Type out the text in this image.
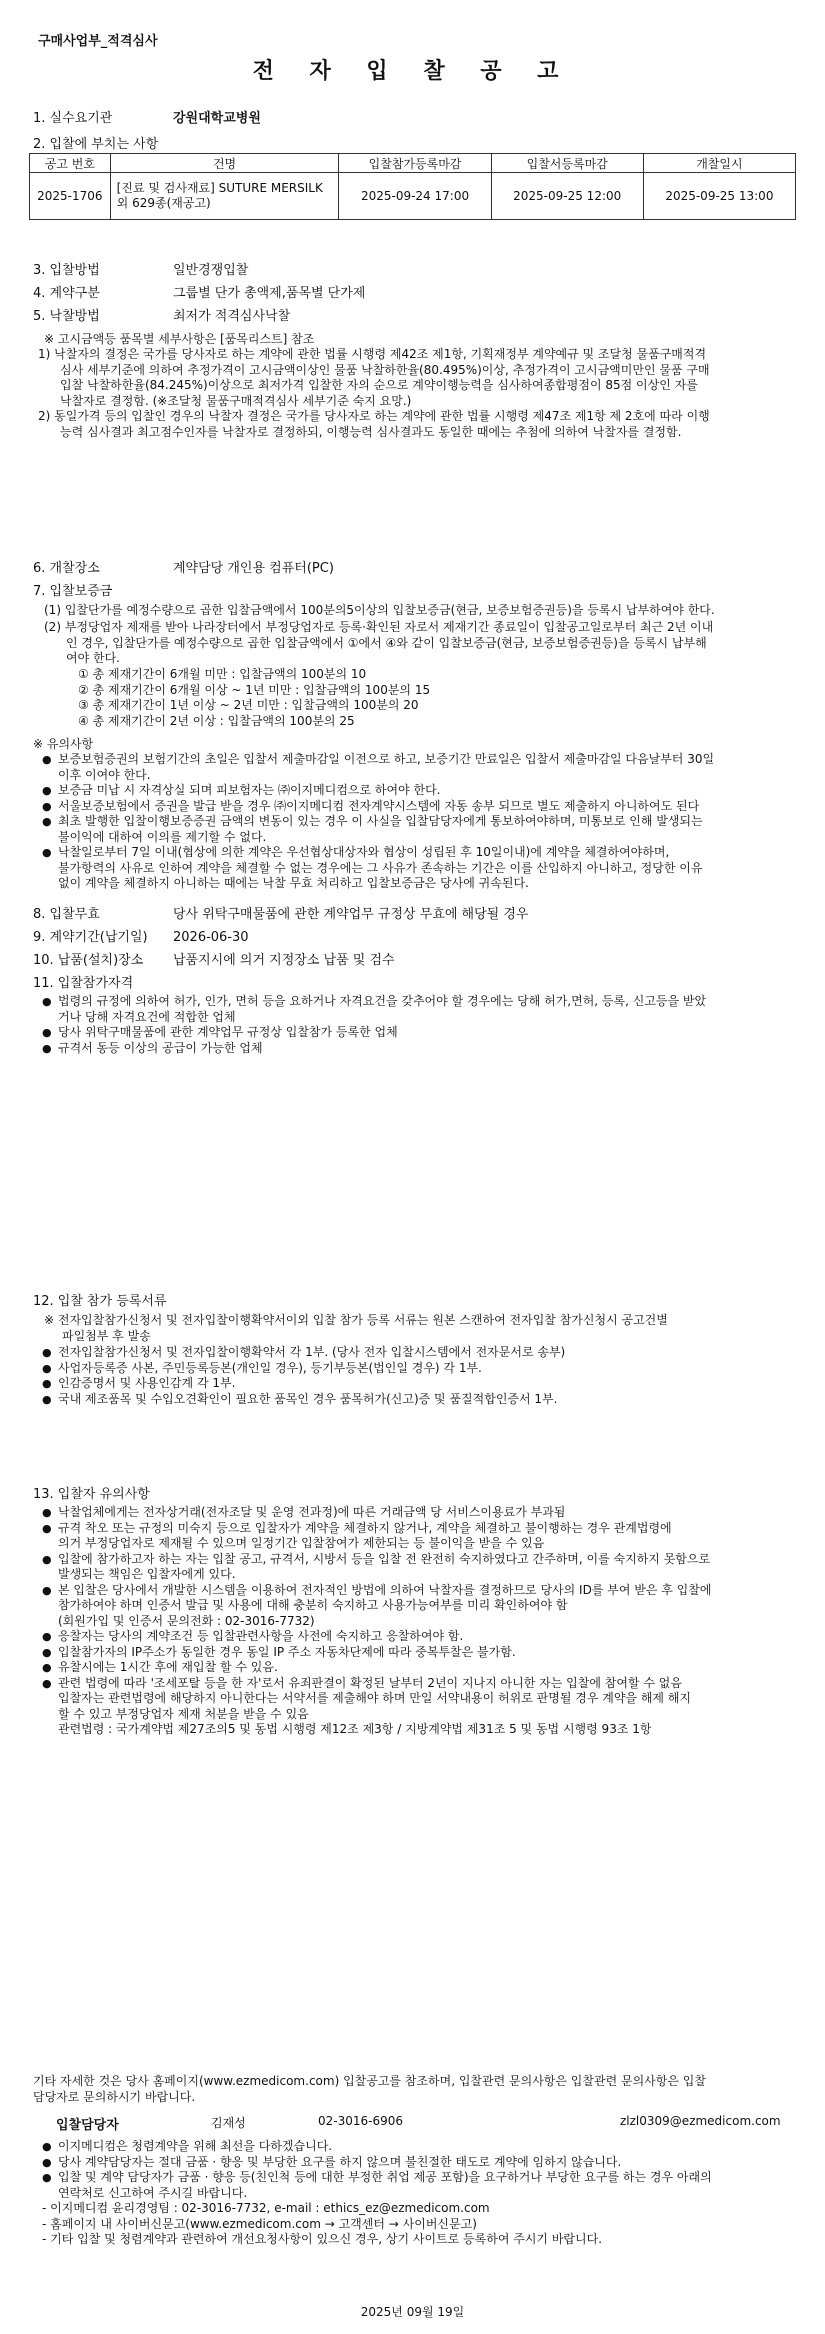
구매사업부_적격심사
전 자 입 찰 공 고
1. 실수요기관	강원대학교병원
2. 입찰에 부치는 사항
공고 번호	건명	입찰참가등록마감	입찰서등록마감	개찰일시
2025-1706	[진료 및 검사재료] SUTURE MERSILK
외 629종(재공고)	2025-09-24 17:00	2025-09-25 12:00	2025-09-25 13:00
3. 입찰방법	일반경쟁입찰
4. 계약구분	그룹별 단가 총액제,품목별 단가제
5. 낙찰방법	최저가 적격심사낙찰
※ 고시금액등 품목별 세부사항은 [품목리스트] 참조
1) 낙찰자의 결정은 국가를 당사자로 하는 계약에 관한 법률 시행령 제42조 제1항, 기획재정부 계약예규 및 조달청 물품구매적격
심사 세부기준에 의하여 추정가격이 고시금액이상인 물품 낙찰하한율(80.495%)이상, 추정가격이 고시금액미만인 물품 구매
입찰 낙찰하한율(84.245%)이상으로 최저가격 입찰한 자의 순으로 계약이행능력을 심사하여종합평점이 85점 이상인 자를
낙찰자로 결정함. (※조달청 물품구매적격심사 세부기준 숙지 요망.)
2) 동일가격 등의 입찰인 경우의 낙찰자 결정은 국가를 당사자로 하는 계약에 관한 법률 시행령 제47조 제1항 제 2호에 따라 이행
능력 심사결과 최고점수인자를 낙찰자로 결정하되, 이행능력 심사결과도 동일한 때에는 추첨에 의하여 낙찰자를 결정함.
6. 개찰장소	계약담당 개인용 컴퓨터(PC)
7. 입찰보증금
(1) 입찰단가를 예정수량으로 곱한 입찰금액에서 100분의5이상의 입찰보증금(현금, 보증보험증권등)을 등록시 납부하여야 한다.
(2) 부정당업자 제재를 받아 나라장터에서 부정당업자로 등록·확인된 자로서 제재기간 종료일이 입찰공고일로부터 최근 2년 이내
인 경우, 입찰단가를 예정수량으로 곱한 입찰금액에서 ①에서 ④와 같이 입찰보증금(현금, 보증보험증권등)을 등록시 납부해
여야 한다.
① 총 제재기간이 6개월 미만 : 입찰금액의 100분의 10
② 총 제재기간이 6개월 이상 ~ 1년 미만 : 입찰금액의 100분의 15
③ 총 제재기간이 1년 이상 ~ 2년 미만 : 입찰금액의 100분의 20
④ 총 제재기간이 2년 이상 : 입찰금액의 100분의 25
※ 유의사항
● 보증보험증권의 보험기간의 초일은 입찰서 제출마감일 이전으로 하고, 보증기간 만료일은 입찰서 제출마감일 다음날부터 30일
이후 이여야 한다.
● 보증금 미납 시 자격상실 되며 피보험자는 ㈜이지메디컴으로 하여야 한다.
● 서울보증보험에서 증권을 발급 받을 경우 ㈜이지메디컴 전자계약시스템에 자동 송부 되므로 별도 제출하지 아니하여도 된다
● 최초 발행한 입찰이행보증증권 금액의 변동이 있는 경우 이 사실을 입찰담당자에게 통보하여야하며, 미통보로 인해 발생되는
불이익에 대하여 이의를 제기할 수 없다.
● 낙찰일로부터 7일 이내(협상에 의한 계약은 우선협상대상자와 협상이 성립된 후 10일이내)에 계약을 체결하여야하며,
불가항력의 사유로 인하여 계약을 체결할 수 없는 경우에는 그 사유가 존속하는 기간은 이를 산입하지 아니하고, 정당한 이유
없이 계약을 체결하지 아니하는 때에는 낙찰 무효 처리하고 입찰보증금은 당사에 귀속된다.
8. 입찰무효	당사 위탁구매물품에 관한 계약업무 규정상 무효에 해당될 경우
9. 계약기간(납기일) 2026-06-30
10. 납품(설치)장소 납품지시에 의거 지정장소 납품 및 검수
11. 입찰참가자격
● 법령의 규정에 의하여 허가, 인가, 면허 등을 요하거나 자격요건을 갖추어야 할 경우에는 당해 허가,면허, 등록, 신고등을 받았
거나 당해 자격요건에 적합한 업체
● 당사 위탁구매물품에 관한 계약업무 규정상 입찰참가 등록한 업체
● 규격서 동등 이상의 공급이 가능한 업체
12. 입찰 참가 등록서류
※ 전자입찰참가신청서 및 전자입찰이행확약서이외 입찰 참가 등록 서류는 원본 스캔하여 전자입찰 참가신청시 공고건별
파일첨부 후 발송
● 전자입찰참가신청서 및 전자입찰이행확약서 각 1부. (당사 전자 입찰시스템에서 전자문서로 송부)
● 사업자등록증 사본, 주민등록등본(개인일 경우), 등기부등본(법인일 경우) 각 1부.
● 인감증명서 및 사용인감계 각 1부.
● 국내 제조품목 및 수입오견확인이 필요한 품목인 경우 품목허가(신고)증 및 품질적합인증서 1부.
13. 입찰자 유의사항
● 낙찰업체에게는 전자상거래(전자조달 및 운영 전과정)에 따른 거래금액 당 서비스이용료가 부과됨
● 규격 착오 또는 규정의 미숙지 등으로 입찰자가 계약을 체결하지 않거나, 계약을 체결하고 불이행하는 경우 관계법령에
의거 부정당업자로 제재될 수 있으며 일정기간 입찰참여가 제한되는 등 불이익을 받을 수 있음
● 입찰에 참가하고자 하는 자는 입찰 공고, 규격서, 시방서 등을 입찰 전 완전히 숙지하였다고 간주하며, 이를 숙지하지 못함으로
발생되는 책임은 입찰자에게 있다.
● 본 입찰은 당사에서 개발한 시스템을 이용하여 전자적인 방법에 의하여 낙찰자를 결정하므로 당사의 ID를 부여 받은 후 입찰에
참가하여야 하며 인증서 발급 및 사용에 대해 충분히 숙지하고 사용가능여부를 미리 확인하여야 함
(회원가입 및 인증서 문의전화 : 02-3016-7732)
● 응찰자는 당사의 계약조건 등 입찰관련사항을 사전에 숙지하고 응찰하여야 함.
● 입찰참가자의 IP주소가 동일한 경우 동일 IP 주소 자동차단제에 따라 중복투찰은 불가함.
● 유찰시에는 1시간 후에 재입찰 할 수 있음.
● 관련 법령에 따라 '조세포탈 등을 한 자'로서 유죄판결이 확정된 날부터 2년이 지나지 아니한 자는 입찰에 참여할 수 없음
입찰자는 관련법령에 해당하지 아니한다는 서약서를 제출해야 하며 만일 서약내용이 허위로 판명될 경우 계약을 해제 해지
할 수 있고 부정당업자 제재 처분을 받을 수 있음
관련법령 : 국가계약법 제27조의5 및 동법 시행령 제12조 제3항 / 지방계약법 제31조 5 및 동법 시행령 93조 1항
기타 자세한 것은 당사 홈페이지(www.ezmedicom.com) 입찰공고를 참조하며, 입찰관련 문의사항은 입찰관련 문의사항은 입찰
담당자로 문의하시기 바랍니다.
입찰담당자	김재성	02-3016-6906	zlzl0309@ezmedicom.com
● 이지메디컴은 청렴계약을 위해 최선을 다하겠습니다.
● 당사 계약담당자는 절대 금품 · 향응 및 부당한 요구를 하지 않으며 불친절한 태도로 계약에 임하지 않습니다.
● 입찰 및 계약 담당자가 금품 · 향응 등(친인척 등에 대한 부정한 취업 제공 포함)을 요구하거나 부당한 요구를 하는 경우 아래의
연락처로 신고하여 주시길 바랍니다.
- 이지메디컴 윤리경영팀 : 02-3016-7732, e-mail : ethics_ez@ezmedicom.com
- 홈페이지 내 사이버신문고(www.ezmedicom.com → 고객센터 → 사이버신문고)
- 기타 입찰 및 청렴계약과 관련하여 개선요청사항이 있으신 경우, 상기 사이트로 등록하여 주시기 바랍니다.
2025년 09월 19일
